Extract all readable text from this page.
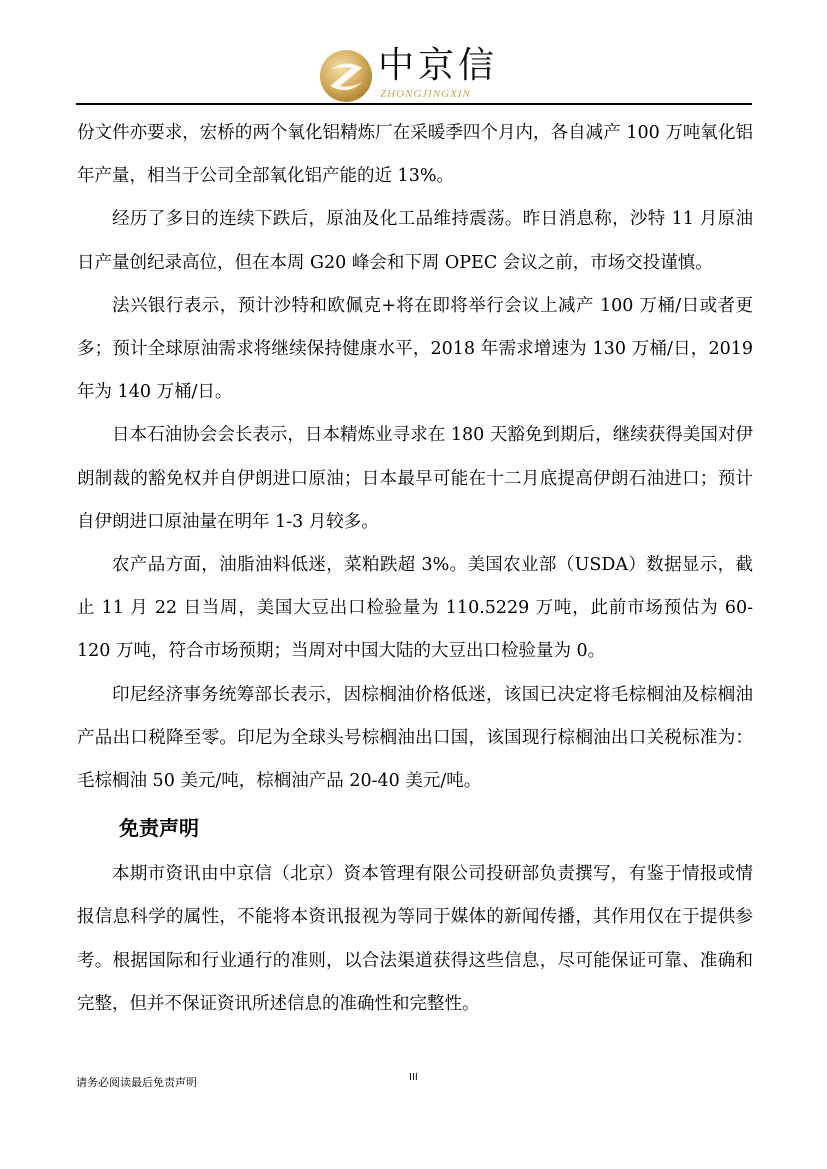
中京信
ZHONGJINGXIN

份文件亦要求，宏桥的两个氧化铝精炼厂在采暖季四个月内，各自减产 100 万吨氧化铝年产量，相当于公司全部氧化铝产能的近 13%。

经历了多日的连续下跌后，原油及化工品维持震荡。昨日消息称，沙特 11 月原油日产量创纪录高位，但在本周 G20 峰会和下周 OPEC 会议之前，市场交投谨慎。

法兴银行表示，预计沙特和欧佩克+将在即将举行会议上减产 100 万桶/日或者更多；预计全球原油需求将继续保持健康水平，2018 年需求增速为 130 万桶/日，2019 年为 140 万桶/日。

日本石油协会会长表示，日本精炼业寻求在 180 天豁免到期后，继续获得美国对伊朗制裁的豁免权并自伊朗进口原油；日本最早可能在十二月底提高伊朗石油进口；预计自伊朗进口原油量在明年 1-3 月较多。

农产品方面，油脂油料低迷，菜粕跌超 3%。美国农业部（USDA）数据显示，截止 11 月 22 日当周，美国大豆出口检验量为 110.5229 万吨，此前市场预估为 60-120 万吨，符合市场预期；当周对中国大陆的大豆出口检验量为 0。

印尼经济事务统筹部长表示，因棕榈油价格低迷，该国已决定将毛棕榈油及棕榈油产品出口税降至零。印尼为全球头号棕榈油出口国，该国现行棕榈油出口关税标准为：毛棕榈油 50 美元/吨，棕榈油产品 20-40 美元/吨。

免责声明

本期市资讯由中京信（北京）资本管理有限公司投研部负责撰写，有鉴于情报或情报信息科学的属性，不能将本资讯报视为等同于媒体的新闻传播，其作用仅在于提供参考。根据国际和行业通行的准则，以合法渠道获得这些信息，尽可能保证可靠、准确和完整，但并不保证资讯所述信息的准确性和完整性。

请务必阅读最后免责声明	III
